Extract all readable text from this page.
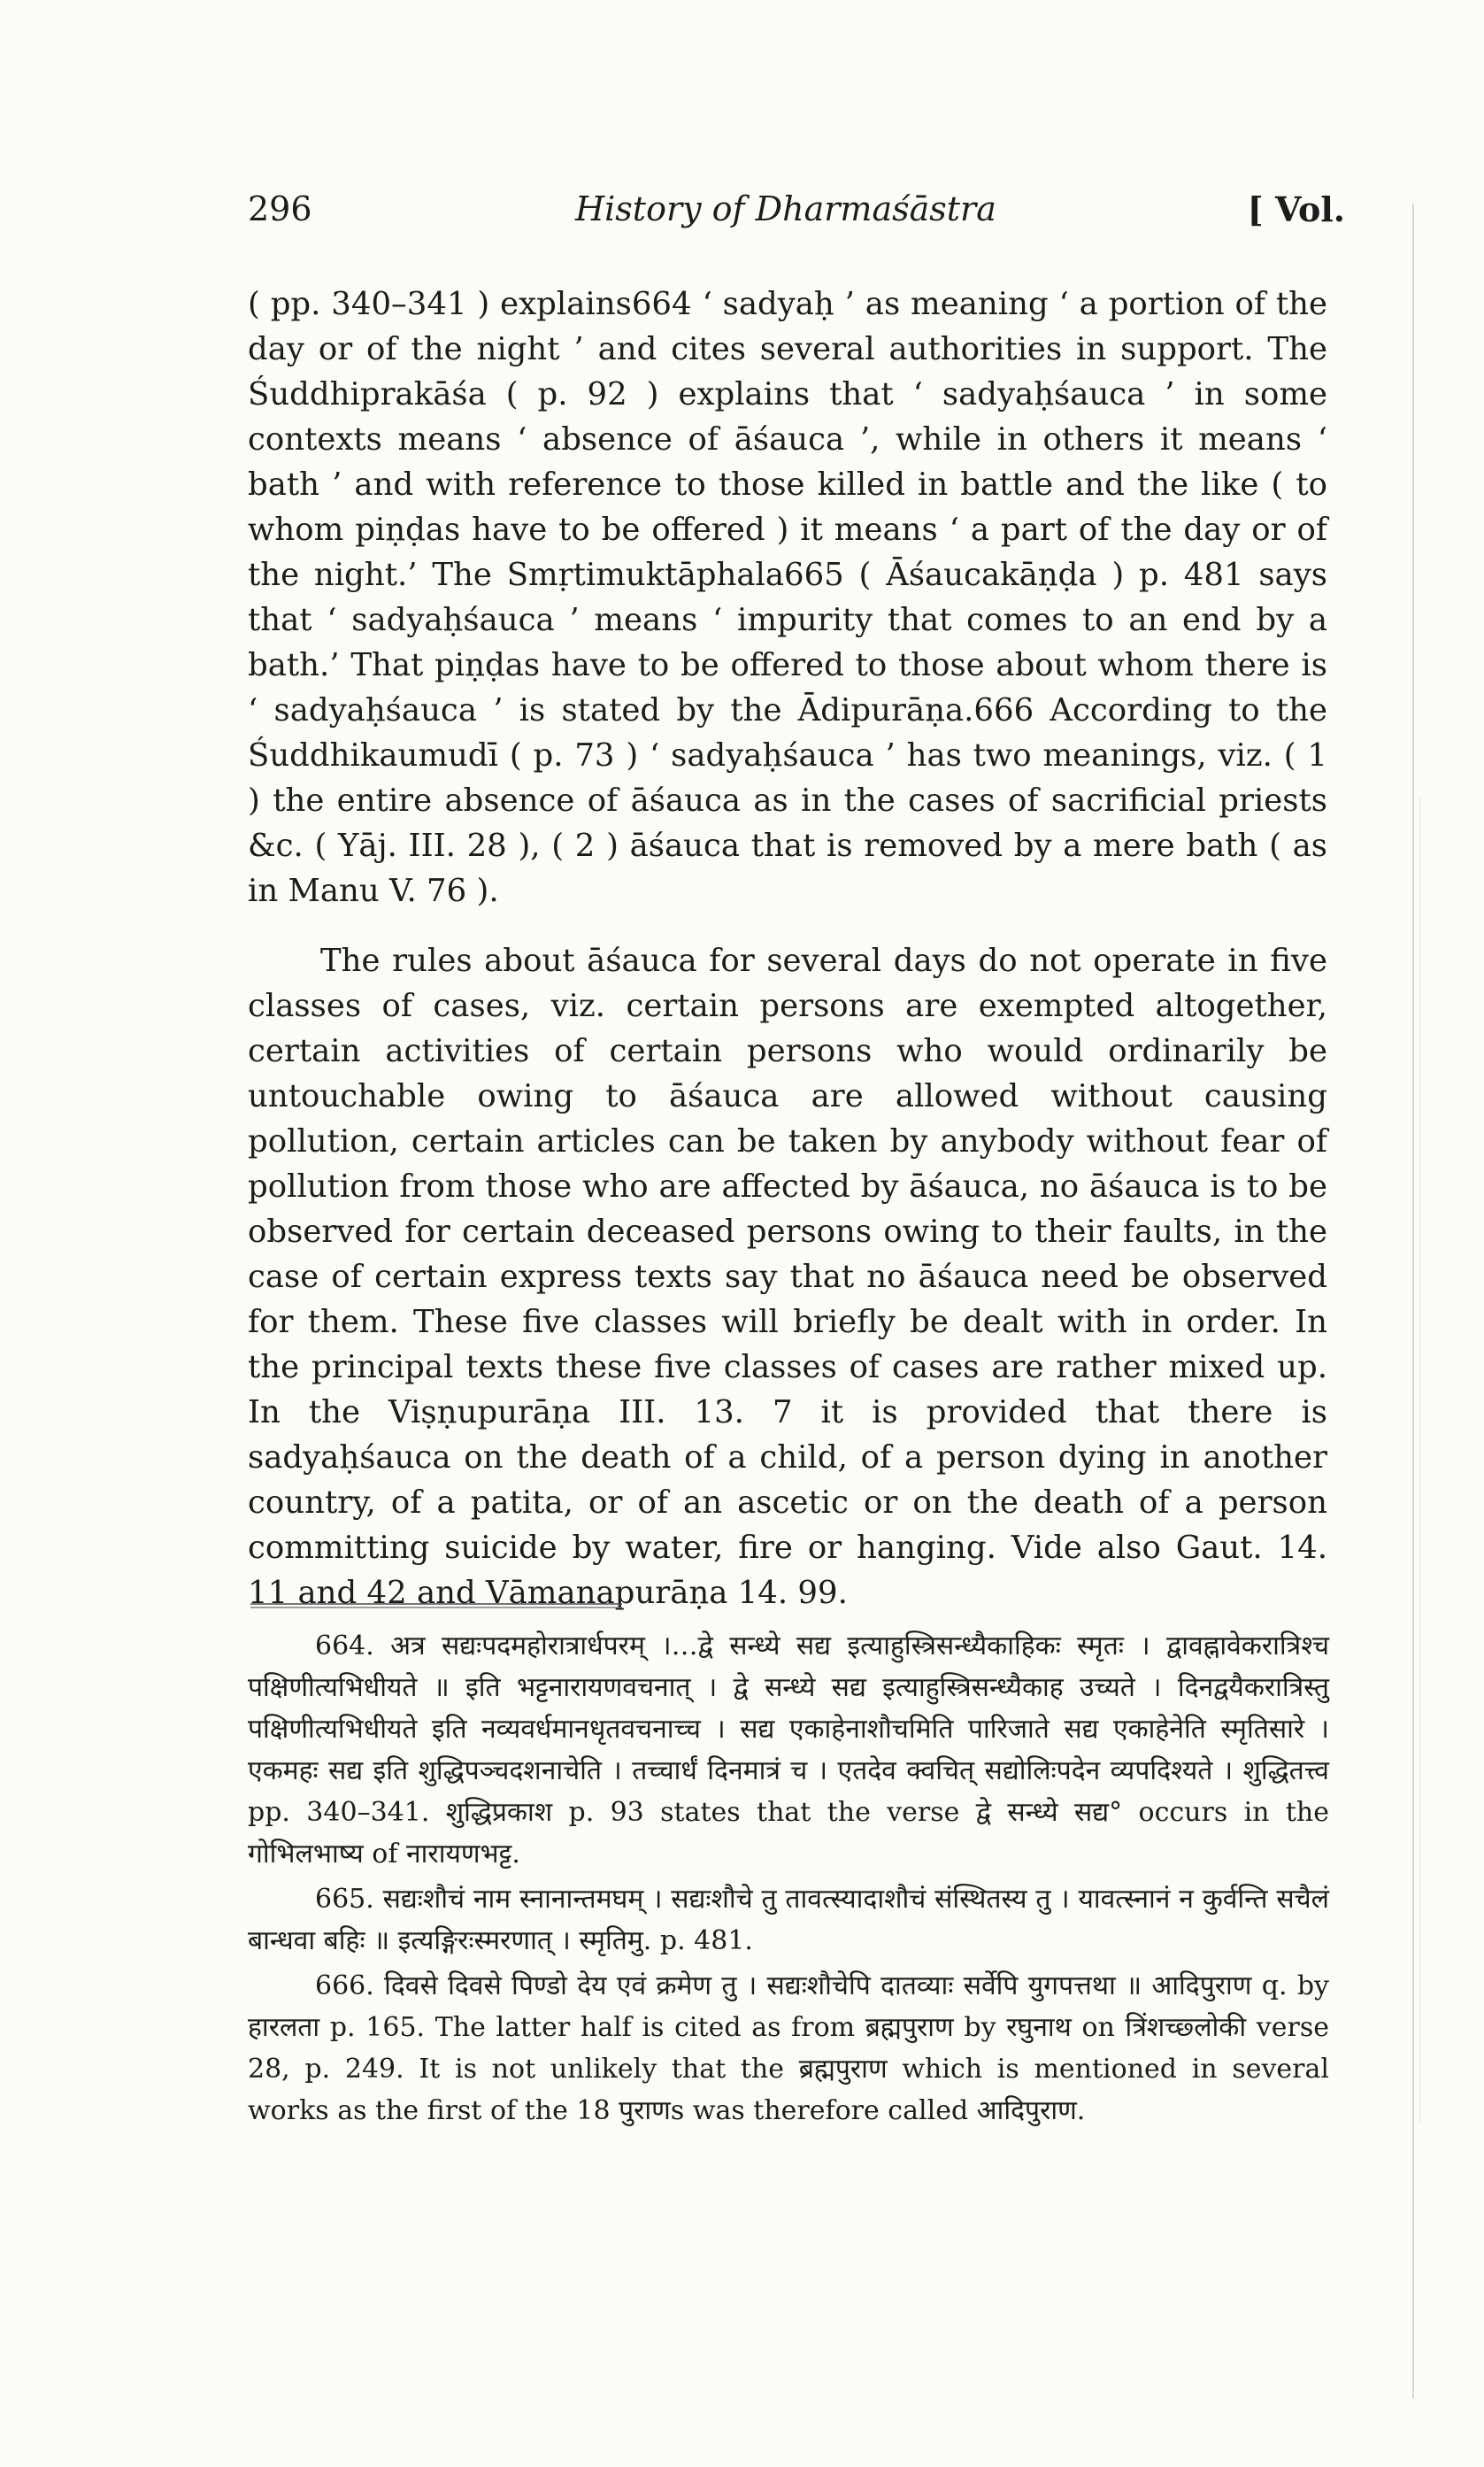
296	History of Dharmaśāstra	[ Vol.

( pp. 340–341 ) explains664 ‘ sadyaḥ ’ as meaning ‘ a portion of the day or of the night ’ and cites several authorities in support. The Śuddhiprakāśa ( p. 92 ) explains that ‘ sadyaḥśauca ’ in some contexts means ‘ absence of āśauca ’, while in others it means ‘ bath ’ and with reference to those killed in battle and the like ( to whom piṇḍas have to be offered ) it means ‘ a part of the day or of the night.’ The Smṛtimuktāphala665 ( Āśaucakāṇḍa ) p. 481 says that ‘ sadyaḥśauca ’ means ‘ impurity that comes to an end by a bath.’ That piṇḍas have to be offered to those about whom there is ‘ sadyaḥśauca ’ is stated by the Ādipurāṇa.666 According to the Śuddhikaumudī ( p. 73 ) ‘ sadyaḥśauca ’ has two meanings, viz. ( 1 ) the entire absence of āśauca as in the cases of sacrificial priests &c. ( Yāj. III. 28 ), ( 2 ) āśauca that is removed by a mere bath ( as in Manu V. 76 ).

The rules about āśauca for several days do not operate in five classes of cases, viz. certain persons are exempted altogether, certain activities of certain persons who would ordinarily be untouchable owing to āśauca are allowed without causing pollution, certain articles can be taken by anybody without fear of pollution from those who are affected by āśauca, no āśauca is to be observed for certain deceased persons owing to their faults, in the case of certain express texts say that no āśauca need be observed for them. These five classes will briefly be dealt with in order. In the principal texts these five classes of cases are rather mixed up. In the Viṣṇupurāṇa III. 13. 7 it is provided that there is sadyaḥśauca on the death of a child, of a person dying in another country, of a patita, or of an ascetic or on the death of a person committing suicide by water, fire or hanging. Vide also Gaut. 14. 11 and 42 and Vāmanapurāṇa 14. 99.

664. अत्र सद्यःपदमहोरात्रार्धपरम् ।…द्वे सन्ध्ये सद्य इत्याहुस्त्रिसन्ध्यैकाहिकः स्मृतः । द्वावह्नावेकरात्रिश्च पक्षिणीत्यभिधीयते ॥ इति भट्टनारायणवचनात् । द्वे सन्ध्ये सद्य इत्याहुस्त्रिसन्ध्यैकाह उच्यते । दिनद्वयैकरात्रिस्तु पक्षिणीत्यभिधीयते इति नव्यवर्धमानधृतवचनाच्च । सद्य एकाहेनाशौचमिति पारिजाते सद्य एकाहेनेति स्मृतिसारे । एकमहः सद्य इति शुद्धिपञ्चदशनाचेति । तच्चार्धं दिनमात्रं च । एतदेव क्वचित् सद्योलिःपदेन व्यपदिश्यते । शुद्धितत्त्व pp. 340–341. शुद्धिप्रकाश p. 93 states that the verse द्वे सन्ध्ये सद्य° occurs in the गोभिलभाष्य of नारायणभट्ट.

665. सद्यःशौचं नाम स्नानान्तमघम् । सद्यःशौचे तु तावत्स्यादाशौचं संस्थितस्य तु । यावत्स्नानं न कुर्वन्ति सचैलं बान्धवा बहिः ॥ इत्यङ्गिरःस्मरणात् । स्मृतिमु. p. 481.

666. दिवसे दिवसे पिण्डो देय एवं क्रमेण तु । सद्यःशौचेपि दातव्याः सर्वेपि युगपत्तथा ॥ आदिपुराण q. by हारलता p. 165. The latter half is cited as from ब्रह्मपुराण by रघुनाथ on त्रिंशच्छ्लोकी verse 28, p. 249. It is not unlikely that the ब्रह्मपुराण which is mentioned in several works as the first of the 18 पुराणs was therefore called आदिपुराण.
